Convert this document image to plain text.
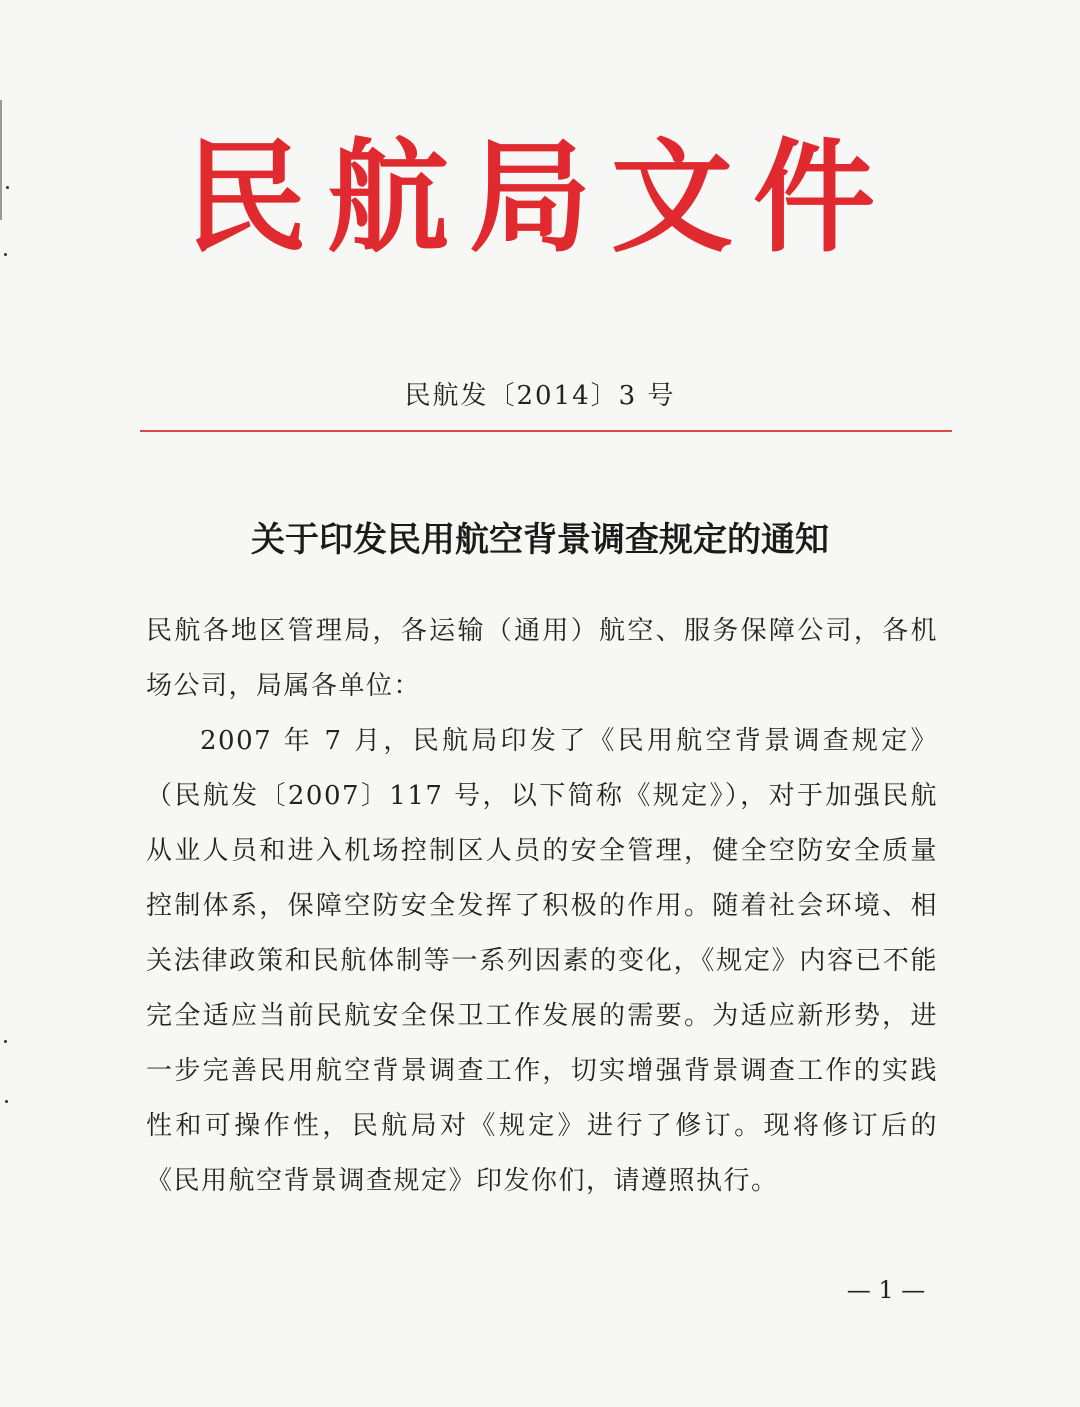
民航局文件
民航发〔2014〕3 号
关于印发民用航空背景调查规定的通知

民航各地区管理局，各运输（通用）航空、服务保障公司，各机场公司，局属各单位：

2007 年 7 月，民航局印发了《民用航空背景调查规定》（民航发〔2007〕117 号，以下简称《规定》），对于加强民航从业人员和进入机场控制区人员的安全管理，健全空防安全质量控制体系，保障空防安全发挥了积极的作用。随着社会环境、相关法律政策和民航体制等一系列因素的变化，《规定》内容已不能完全适应当前民航安全保卫工作发展的需要。为适应新形势，进一步完善民用航空背景调查工作，切实增强背景调查工作的实践性和可操作性，民航局对《规定》进行了修订。现将修订后的《民用航空背景调查规定》印发你们，请遵照执行。

— 1 —
